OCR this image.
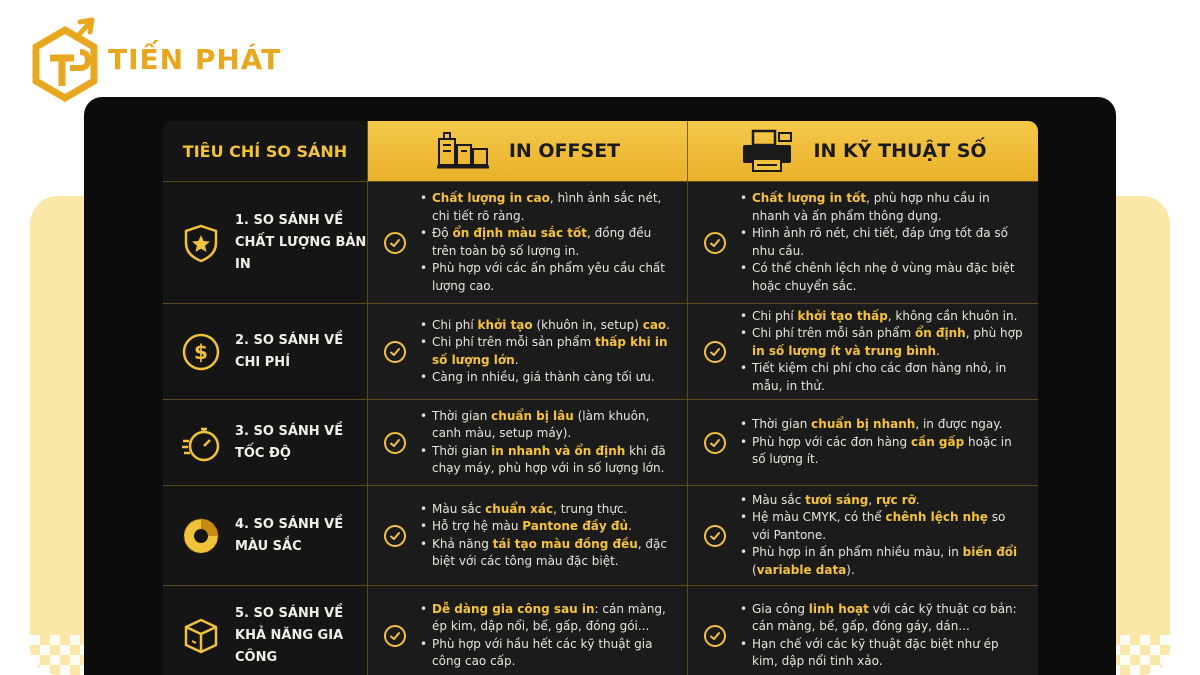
TIẾN PHÁT
TIÊU CHÍ SO SÁNH	IN OFFSET	IN KỸ THUẬT SỐ
1. SO SÁNH VỀ
CHẤT LƯỢNG BẢN IN
• Chất lượng in cao, hình ảnh sắc nét, chi tiết rõ ràng.
• Độ ổn định màu sắc tốt, đồng đều trên toàn bộ số lượng in.
• Phù hợp với các ấn phẩm yêu cầu chất lượng cao.
• Chất lượng in tốt, phù hợp nhu cầu in nhanh và ấn phẩm thông dụng.
• Hình ảnh rõ nét, chi tiết, đáp ứng tốt đa số nhu cầu.
• Có thể chênh lệch nhẹ ở vùng màu đặc biệt hoặc chuyển sắc.
$ 2. SO SÁNH VỀ
CHI PHÍ
• Chi phí khởi tạo (khuôn in, setup) cao.
• Chi phí trên mỗi sản phẩm thấp khi in số lượng lớn.
• Càng in nhiều, giá thành càng tối ưu.
• Chi phí khởi tạo thấp, không cần khuôn in.
• Chi phí trên mỗi sản phẩm ổn định, phù hợp in số lượng ít và trung bình.
• Tiết kiệm chi phí cho các đơn hàng nhỏ, in mẫu, in thử.
3. SO SÁNH VỀ
TỐC ĐỘ
• Thời gian chuẩn bị lâu (làm khuôn, canh màu, setup máy).
• Thời gian in nhanh và ổn định khi đã chạy máy, phù hợp với in số lượng lớn.
• Thời gian chuẩn bị nhanh, in được ngay.
• Phù hợp với các đơn hàng cần gấp hoặc in số lượng ít.
4. SO SÁNH VỀ
MÀU SẮC
• Màu sắc chuẩn xác, trung thực.
• Hỗ trợ hệ màu Pantone đầy đủ.
• Khả năng tái tạo màu đồng đều, đặc biệt với các tông màu đặc biệt.
• Màu sắc tươi sáng, rực rỡ.
• Hệ màu CMYK, có thể chênh lệch nhẹ so với Pantone.
• Phù hợp in ấn phẩm nhiều màu, in biến đổi (variable data).
5. SO SÁNH VỀ
KHẢ NĂNG GIA CÔNG
• Dễ dàng gia công sau in: cán màng, ép kim, dập nổi, bế, gấp, đóng gói...
• Phù hợp với hầu hết các kỹ thuật gia công cao cấp.
• Gia công linh hoạt với các kỹ thuật cơ bản: cán màng, bế, gấp, đóng gáy, dán...
• Hạn chế với các kỹ thuật đặc biệt như ép kim, dập nổi tinh xảo.
